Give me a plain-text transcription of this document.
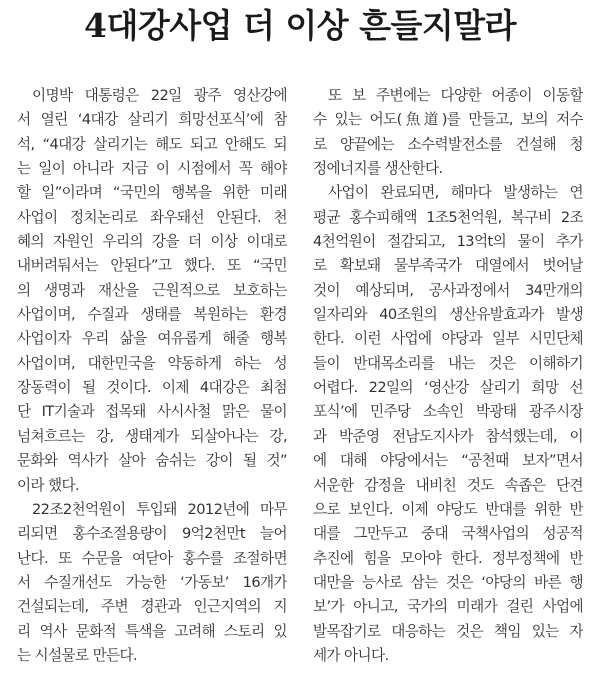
4대강사업 더 이상 흔들지말라
이명박 대통령은 22일 광주 영산강에
서 열린 ‘4대강 살리기 희망선포식’에 참
석, “4대강 살리기는 해도 되고 안해도 되
는 일이 아니라 지금 이 시점에서 꼭 해야
할 일”이라며 “국민의 행복을 위한 미래
사업이 정치논리로 좌우돼선 안된다. 천
혜의 자원인 우리의 강을 더 이상 이대로
내버려둬서는 안된다”고 했다. 또 “국민
의 생명과 재산을 근원적으로 보호하는
사업이며, 수질과 생태를 복원하는 환경
사업이자 우리 삶을 여유롭게 해줄 행복
사업이며, 대한민국을 약동하게 하는 성
장동력이 될 것이다. 이제 4대강은 최첨
단 IT기술과 접목돼 사시사철 맑은 물이
넘쳐흐르는 강, 생태계가 되살아나는 강,
문화와 역사가 살아 숨쉬는 강이 될 것”
이라 했다.
22조2천억원이 투입돼 2012년에 마무
리되면 홍수조절용량이 9억2천만t 늘어
난다. 또 수문을 여닫아 홍수를 조절하면
서 수질개선도 가능한 ‘가동보’ 16개가
건설되는데, 주변 경관과 인근지역의 지
리 역사 문화적 특색을 고려해 스토리 있
는 시설물로 만든다.
또 보 주변에는 다양한 어종이 이동할
수 있는 어도(魚道)를 만들고, 보의 저수
로 양끝에는 소수력발전소를 건설해 청
정에너지를 생산한다.
사업이 완료되면, 해마다 발생하는 연
평균 홍수피해액 1조5천억원, 복구비 2조
4천억원이 절감되고, 13억t의 물이 추가
로 확보돼 물부족국가 대열에서 벗어날
것이 예상되며, 공사과정에서 34만개의
일자리와 40조원의 생산유발효과가 발생
한다. 이런 사업에 야당과 일부 시민단체
들이 반대목소리를 내는 것은 이해하기
어렵다. 22일의 ‘영산강 살리기 희망 선
포식’에 민주당 소속인 박광태 광주시장
과 박준영 전남도지사가 참석했는데, 이
에 대해 야당에서는 “공천때 보자”면서
서운한 감정을 내비친 것도 속좁은 단견
으로 보인다. 이제 야당도 반대를 위한 반
대를 그만두고 중대 국책사업의 성공적
추진에 힘을 모아야 한다. 정부정책에 반
대만을 능사로 삼는 것은 ‘야당의 바른 행
보’가 아니고, 국가의 미래가 걸린 사업에
발목잡기로 대응하는 것은 책임 있는 자
세가 아니다.
